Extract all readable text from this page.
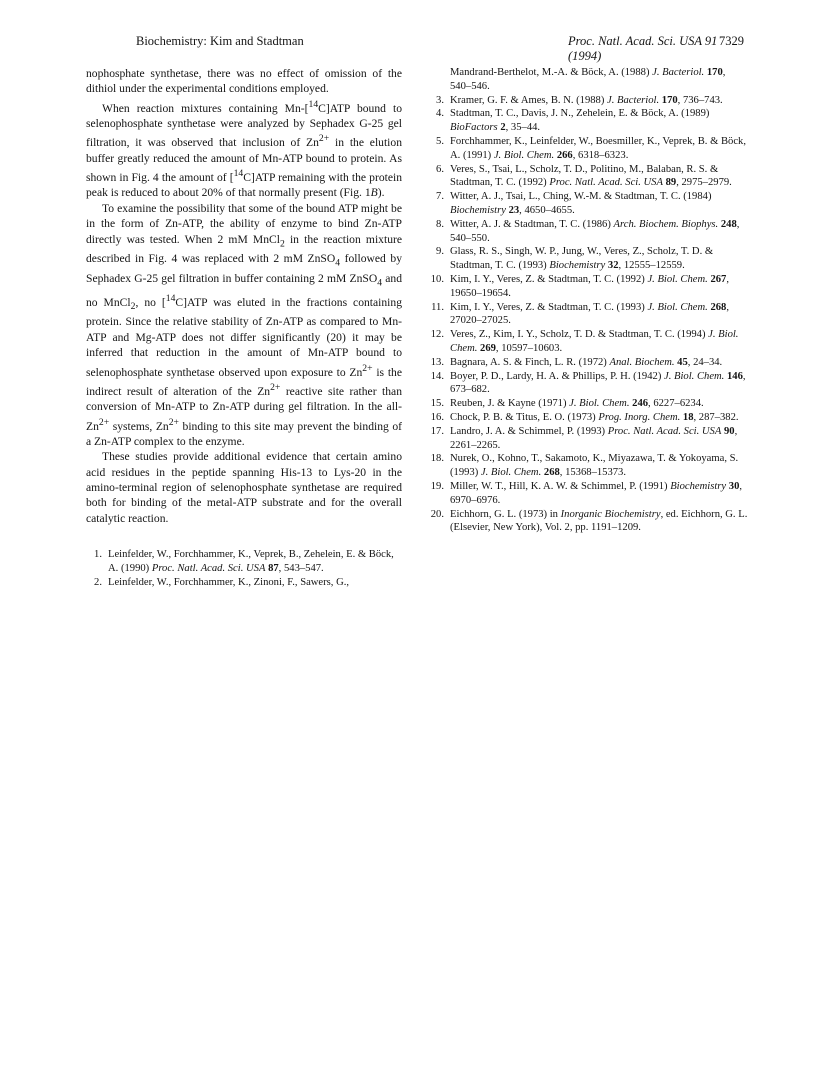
Biochemistry: Kim and Stadtman	Proc. Natl. Acad. Sci. USA 91 (1994)
7329

nophosphate synthetase, there was no effect of omission of the dithiol under the experimental conditions employed.

When reaction mixtures containing Mn-[$^{14}$C]ATP bound to selenophosphate synthetase were analyzed by Sephadex G-25 gel filtration, it was observed that inclusion of $Zn^{2+}$ in the elution buffer greatly reduced the amount of Mn-ATP bound to protein. As shown in Fig. 4 the amount of [$^{14}$C]ATP remaining with the protein peak is reduced to about 20% of that normally present (Fig. 1B).

To examine the possibility that some of the bound ATP might be in the form of Zn-ATP, the ability of enzyme to bind Zn-ATP directly was tested. When 2 mM MnCl$_2$ in the reaction mixture described in Fig. 4 was replaced with 2 mM ZnSO$_4$ followed by Sephadex G-25 gel filtration in buffer containing 2 mM ZnSO$_4$ and no MnCl$_2$, no [$^{14}$C]ATP was eluted in the fractions containing protein. Since the relative stability of Zn-ATP as compared to Mn-ATP and Mg-ATP does not differ significantly (20) it may be inferred that reduction in the amount of Mn-ATP bound to selenophosphate synthetase observed upon exposure to $Zn^{2+}$ is the indirect result of alteration of the $Zn^{2+}$ reactive site rather than conversion of Mn-ATP to Zn-ATP during gel filtration. In the all-$Zn^{2+}$ systems, $Zn^{2+}$ binding to this site may prevent the binding of a Zn-ATP complex to the enzyme.

These studies provide additional evidence that certain amino acid residues in the peptide spanning His-13 to Lys-20 in the amino-terminal region of selenophosphate synthetase are required both for binding of the metal-ATP substrate and for the overall catalytic reaction.

1. Leinfelder, W., Forchhammer, K., Veprek, B., Zehelein, E. & Böck, A. (1990) Proc. Natl. Acad. Sci. USA 87, 543–547.
2. Leinfelder, W., Forchhammer, K., Zinoni, F., Sawers, G.,
Mandrand-Berthelot, M.-A. & Böck, A. (1988) J. Bacteriol. 170, 540–546.
3. Kramer, G. F. & Ames, B. N. (1988) J. Bacteriol. 170, 736–743.
4. Stadtman, T. C., Davis, J. N., Zehelein, E. & Böck, A. (1989) BioFactors 2, 35–44.
5. Forchhammer, K., Leinfelder, W., Boesmiller, K., Veprek, B. & Böck, A. (1991) J. Biol. Chem. 266, 6318–6323.
6. Veres, S., Tsai, L., Scholz, T. D., Politino, M., Balaban, R. S. & Stadtman, T. C. (1992) Proc. Natl. Acad. Sci. USA 89, 2975–2979.
7. Witter, A. J., Tsai, L., Ching, W.-M. & Stadtman, T. C. (1984) Biochemistry 23, 4650–4655.
8. Witter, A. J. & Stadtman, T. C. (1986) Arch. Biochem. Biophys. 248, 540–550.
9. Glass, R. S., Singh, W. P., Jung, W., Veres, Z., Scholz, T. D. & Stadtman, T. C. (1993) Biochemistry 32, 12555–12559.
10. Kim, I. Y., Veres, Z. & Stadtman, T. C. (1992) J. Biol. Chem. 267, 19650–19654.
11. Kim, I. Y., Veres, Z. & Stadtman, T. C. (1993) J. Biol. Chem. 268, 27020–27025.
12. Veres, Z., Kim, I. Y., Scholz, T. D. & Stadtman, T. C. (1994) J. Biol. Chem. 269, 10597–10603.
13. Bagnara, A. S. & Finch, L. R. (1972) Anal. Biochem. 45, 24–34.
14. Boyer, P. D., Lardy, H. A. & Phillips, P. H. (1942) J. Biol. Chem. 146, 673–682.
15. Reuben, J. & Kayne (1971) J. Biol. Chem. 246, 6227–6234.
16. Chock, P. B. & Titus, E. O. (1973) Prog. Inorg. Chem. 18, 287–382.
17. Landro, J. A. & Schimmel, P. (1993) Proc. Natl. Acad. Sci. USA 90, 2261–2265.
18. Nurek, O., Kohno, T., Sakamoto, K., Miyazawa, T. & Yokoyama, S. (1993) J. Biol. Chem. 268, 15368–15373.
19. Miller, W. T., Hill, K. A. W. & Schimmel, P. (1991) Biochemistry 30, 6970–6976.
20. Eichhorn, G. L. (1973) in Inorganic Biochemistry, ed. Eichhorn, G. L. (Elsevier, New York), Vol. 2, pp. 1191–1209.
